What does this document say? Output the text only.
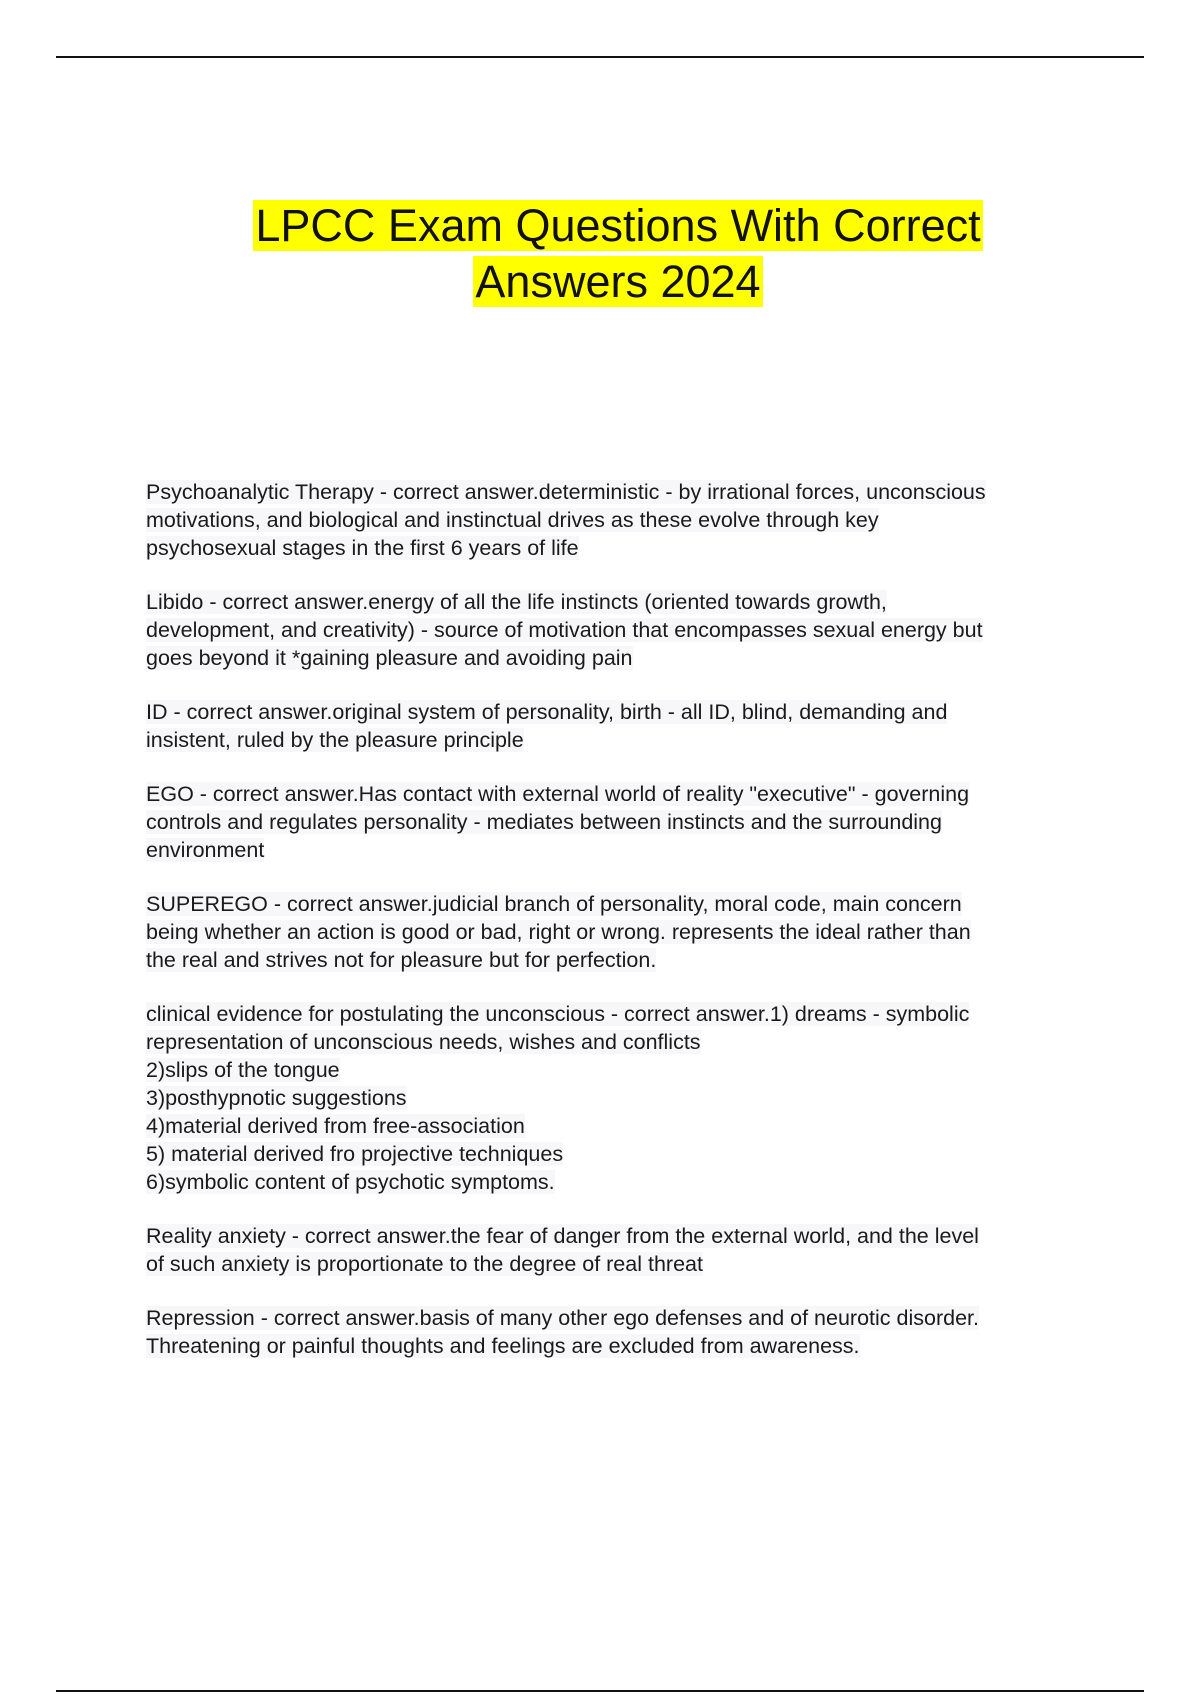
LPCC Exam Questions With Correct
Answers 2024
Psychoanalytic Therapy - correct answer.deterministic - by irrational forces, unconscious
motivations, and biological and instinctual drives as these evolve through key
psychosexual stages in the first 6 years of life
Libido - correct answer.energy of all the life instincts (oriented towards growth,
development, and creativity) - source of motivation that encompasses sexual energy but
goes beyond it *gaining pleasure and avoiding pain
ID - correct answer.original system of personality, birth - all ID, blind, demanding and
insistent, ruled by the pleasure principle
EGO - correct answer.Has contact with external world of reality "executive" - governing
controls and regulates personality - mediates between instincts and the surrounding
environment
SUPEREGO - correct answer.judicial branch of personality, moral code, main concern
being whether an action is good or bad, right or wrong. represents the ideal rather than
the real and strives not for pleasure but for perfection.
clinical evidence for postulating the unconscious - correct answer.1) dreams - symbolic
representation of unconscious needs, wishes and conflicts
2)slips of the tongue
3)posthypnotic suggestions
4)material derived from free-association
5) material derived fro projective techniques
6)symbolic content of psychotic symptoms.
Reality anxiety - correct answer.the fear of danger from the external world, and the level
of such anxiety is proportionate to the degree of real threat
Repression - correct answer.basis of many other ego defenses and of neurotic disorder.
Threatening or painful thoughts and feelings are excluded from awareness.
